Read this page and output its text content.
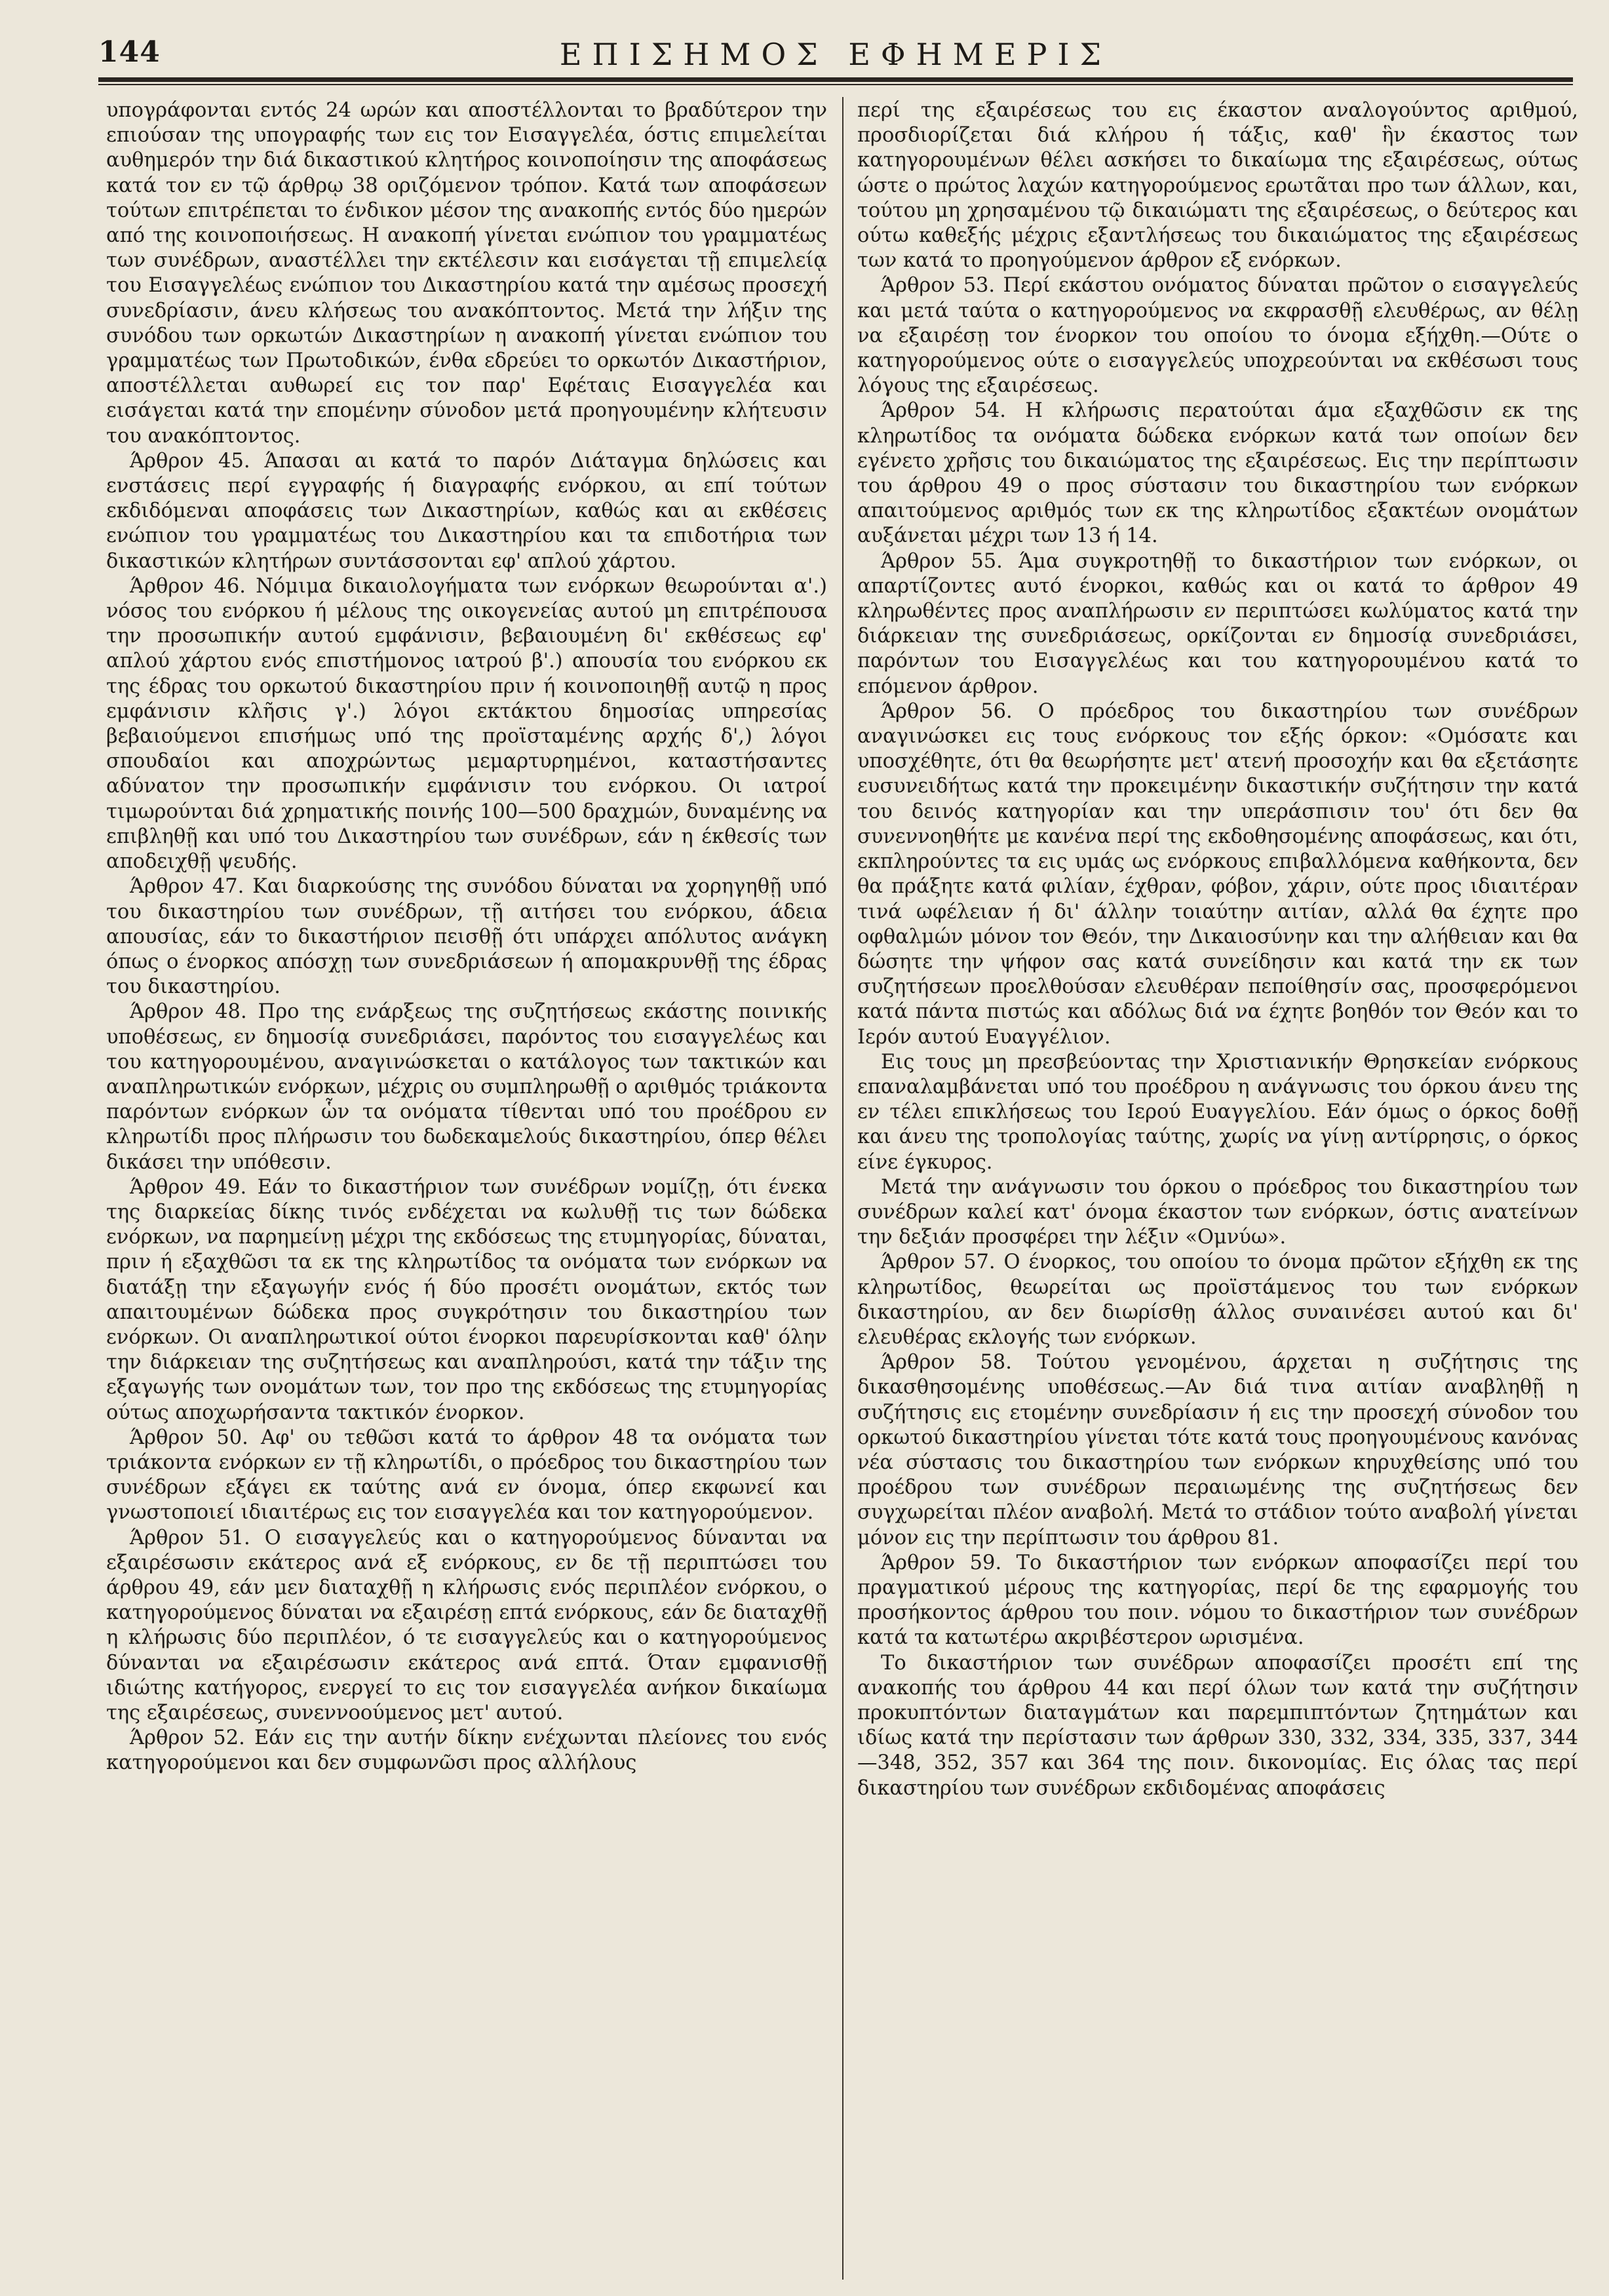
144	ΕΠΙΣΗΜΟΣ ΕΦΗΜΕΡΙΣ

υπογράφονται εντός 24 ωρών και αποστέλλονται το βραδύτερον την επιούσαν της υπογραφής των εις τον Εισαγγελέα, όστις επιμελείται αυθημερόν την διά δικαστικού κλητήρος κοινοποίησιν της αποφάσεως κατά τον εν τῷ άρθρῳ 38 οριζόμενον τρόπον. Κατά των αποφάσεων τούτων επιτρέπεται το ένδικον μέσον της ανακοπής εντός δύο ημερών από της κοινοποιήσεως. Η ανακοπή γίνεται ενώπιον του γραμματέως των συνέδρων, αναστέλλει την εκτέλεσιν και εισάγεται τῇ επιμελείᾳ του Εισαγγελέως ενώπιον του Δικαστηρίου κατά την αμέσως προσεχή συνεδρίασιν, άνευ κλήσεως του ανακόπτοντος. Μετά την λήξιν της συνόδου των ορκωτών Δικαστηρίων η ανακοπή γίνεται ενώπιον του γραμματέως των Πρωτοδικών, ένθα εδρεύει το ορκωτόν Δικαστήριον, αποστέλλεται αυθωρεί εις τον παρ' Εφέταις Εισαγγελέα και εισάγεται κατά την επομένην σύνοδον μετά προηγουμένην κλήτευσιν του ανακόπτοντος.

Άρθρον 45. Άπασαι αι κατά το παρόν Διάταγμα δηλώσεις και ενστάσεις περί εγγραφής ή διαγραφής ενόρκου, αι επί τούτων εκδιδόμεναι αποφάσεις των Δικαστηρίων, καθώς και αι εκθέσεις ενώπιον του γραμματέως του Δικαστηρίου και τα επιδοτήρια των δικαστικών κλητήρων συντάσσονται εφ' απλού χάρτου.

Άρθρον 46. Νόμιμα δικαιολογήματα των ενόρκων θεωρούνται α'.) νόσος του ενόρκου ή μέλους της οικογενείας αυτού μη επιτρέπουσα την προσωπικήν αυτού εμφάνισιν, βεβαιουμένη δι' εκθέσεως εφ' απλού χάρτου ενός επιστήμονος ιατρού β'.) απουσία του ενόρκου εκ της έδρας του ορκωτού δικαστηρίου πριν ή κοινοποιηθῇ αυτῷ η προς εμφάνισιν κλῆσις γ'.) λόγοι εκτάκτου δημοσίας υπηρεσίας βεβαιούμενοι επισήμως υπό της προϊσταμένης αρχής δ',) λόγοι σπουδαίοι και αποχρώντως μεμαρτυρημένοι, καταστήσαντες αδύνατον την προσωπικήν εμφάνισιν του ενόρκου. Οι ιατροί τιμωρούνται διά χρηματικής ποινής 100—500 δραχμών, δυναμένης να επιβληθῇ και υπό του Δικαστηρίου των συνέδρων, εάν η έκθεσίς των αποδειχθῇ ψευδής.

Άρθρον 47. Και διαρκούσης της συνόδου δύναται να χορηγηθῇ υπό του δικαστηρίου των συνέδρων, τῇ αιτήσει του ενόρκου, άδεια απουσίας, εάν το δικαστήριον πεισθῇ ότι υπάρχει απόλυτος ανάγκη όπως ο ένορκος απόσχῃ των συνεδριάσεων ή απομακρυνθῇ της έδρας του δικαστηρίου.

Άρθρον 48. Προ της ενάρξεως της συζητήσεως εκάστης ποινικής υποθέσεως, εν δημοσίᾳ συνεδριάσει, παρόντος του εισαγγελέως και του κατηγορουμένου, αναγινώσκεται ο κατάλογος των τακτικών και αναπληρωτικών ενόρκων, μέχρις ου συμπληρωθῇ ο αριθμός τριάκοντα παρόντων ενόρκων ὧν τα ονόματα τίθενται υπό του προέδρου εν κληρωτίδι προς πλήρωσιν του δωδεκαμελούς δικαστηρίου, όπερ θέλει δικάσει την υπόθεσιν.

Άρθρον 49. Εάν το δικαστήριον των συνέδρων νομίζῃ, ότι ένεκα της διαρκείας δίκης τινός ενδέχεται να κωλυθῇ τις των δώδεκα ενόρκων, να παρημείνῃ μέχρι της εκδόσεως της ετυμηγορίας, δύναται, πριν ή εξαχθῶσι τα εκ της κληρωτίδος τα ονόματα των ενόρκων να διατάξῃ την εξαγωγήν ενός ή δύο προσέτι ονομάτων, εκτός των απαιτουμένων δώδεκα προς συγκρότησιν του δικαστηρίου των ενόρκων. Οι αναπληρωτικοί ούτοι ένορκοι παρευρίσκονται καθ' όλην την διάρκειαν της συζητήσεως και αναπληρούσι, κατά την τάξιν της εξαγωγής των ονομάτων των, τον προ της εκδόσεως της ετυμηγορίας ούτως αποχωρήσαντα τακτικόν ένορκον.

Άρθρον 50. Αφ' ου τεθῶσι κατά το άρθρον 48 τα ονόματα των τριάκοντα ενόρκων εν τῇ κληρωτίδι, ο πρόεδρος του δικαστηρίου των συνέδρων εξάγει εκ ταύτης ανά εν όνομα, όπερ εκφωνεί και γνωστοποιεί ιδιαιτέρως εις τον εισαγγελέα και τον κατηγορούμενον.

Άρθρον 51. Ο εισαγγελεύς και ο κατηγορούμενος δύνανται να εξαιρέσωσιν εκάτερος ανά εξ ενόρκους, εν δε τῇ περιπτώσει του άρθρου 49, εάν μεν διαταχθῇ η κλήρωσις ενός περιπλέον ενόρκου, ο κατηγορούμενος δύναται να εξαιρέσῃ επτά ενόρκους, εάν δε διαταχθῇ η κλήρωσις δύο περιπλέον, ό τε εισαγγελεύς και ο κατηγορούμενος δύνανται να εξαιρέσωσιν εκάτερος ανά επτά. Όταν εμφανισθῇ ιδιώτης κατήγορος, ενεργεί το εις τον εισαγγελέα ανήκον δικαίωμα της εξαιρέσεως, συνεννοούμενος μετ' αυτού.

Άρθρον 52. Εάν εις την αυτήν δίκην ενέχωνται πλείονες του ενός κατηγορούμενοι και δεν συμφωνῶσι προς αλλήλους

περί της εξαιρέσεως του εις έκαστον αναλογούντος αριθμού, προσδιορίζεται διά κλήρου ή τάξις, καθ' ἣν έκαστος των κατηγορουμένων θέλει ασκήσει το δικαίωμα της εξαιρέσεως, ούτως ώστε ο πρώτος λαχών κατηγορούμενος ερωτᾶται προ των άλλων, και, τούτου μη χρησαμένου τῷ δικαιώματι της εξαιρέσεως, ο δεύτερος και ούτω καθεξής μέχρις εξαντλήσεως του δικαιώματος της εξαιρέσεως των κατά το προηγούμενον άρθρον εξ ενόρκων.

Άρθρον 53. Περί εκάστου ονόματος δύναται πρῶτον ο εισαγγελεύς και μετά ταύτα ο κατηγορούμενος να εκφρασθῇ ελευθέρως, αν θέλῃ να εξαιρέσῃ τον ένορκον του οποίου το όνομα εξήχθη.—Ούτε ο κατηγορούμενος ούτε ο εισαγγελεύς υποχρεούνται να εκθέσωσι τους λόγους της εξαιρέσεως.

Άρθρον 54. Η κλήρωσις περατούται άμα εξαχθῶσιν εκ της κληρωτίδος τα ονόματα δώδεκα ενόρκων κατά των οποίων δεν εγένετο χρῆσις του δικαιώματος της εξαιρέσεως. Εις την περίπτωσιν του άρθρου 49 ο προς σύστασιν του δικαστηρίου των ενόρκων απαιτούμενος αριθμός των εκ της κληρωτίδος εξακτέων ονομάτων αυξάνεται μέχρι των 13 ή 14.

Άρθρον 55. Άμα συγκροτηθῇ το δικαστήριον των ενόρκων, οι απαρτίζοντες αυτό ένορκοι, καθώς και οι κατά το άρθρον 49 κληρωθέντες προς αναπλήρωσιν εν περιπτώσει κωλύματος κατά την διάρκειαν της συνεδριάσεως, ορκίζονται εν δημοσίᾳ συνεδριάσει, παρόντων του Εισαγγελέως και του κατηγορουμένου κατά το επόμενον άρθρον.

Άρθρον 56. Ο πρόεδρος του δικαστηρίου των συνέδρων αναγινώσκει εις τους ενόρκους τον εξής όρκον: «Ομόσατε και υποσχέθητε, ότι θα θεωρήσητε μετ' ατενή προσοχήν και θα εξετάσητε ευσυνειδήτως κατά την προκειμένην δικαστικήν συζήτησιν την κατά του δεινός κατηγορίαν και την υπεράσπισιν του' ότι δεν θα συνεννοηθήτε με κανένα περί της εκδοθησομένης αποφάσεως, και ότι, εκπληρούντες τα εις υμάς ως ενόρκους επιβαλλόμενα καθήκοντα, δεν θα πράξητε κατά φιλίαν, έχθραν, φόβον, χάριν, ούτε προς ιδιαιτέραν τινά ωφέλειαν ή δι' άλλην τοιαύτην αιτίαν, αλλά θα έχητε προ οφθαλμών μόνον τον Θεόν, την Δικαιοσύνην και την αλήθειαν και θα δώσητε την ψήφον σας κατά συνείδησιν και κατά την εκ των συζητήσεων προελθούσαν ελευθέραν πεποίθησίν σας, προσφερόμενοι κατά πάντα πιστώς και αδόλως διά να έχητε βοηθόν τον Θεόν και το Ιερόν αυτού Ευαγγέλιον.

Εις τους μη πρεσβεύοντας την Χριστιανικήν Θρησκείαν ενόρκους επαναλαμβάνεται υπό του προέδρου η ανάγνωσις του όρκου άνευ της εν τέλει επικλήσεως του Ιερού Ευαγγελίου. Εάν όμως ο όρκος δοθῇ και άνευ της τροπολογίας ταύτης, χωρίς να γίνῃ αντίρρησις, ο όρκος είνε έγκυρος.

Μετά την ανάγνωσιν του όρκου ο πρόεδρος του δικαστηρίου των συνέδρων καλεί κατ' όνομα έκαστον των ενόρκων, όστις ανατείνων την δεξιάν προσφέρει την λέξιν «Ομνύω».

Άρθρον 57. Ο ένορκος, του οποίου το όνομα πρῶτον εξήχθη εκ της κληρωτίδος, θεωρείται ως προϊστάμενος του των ενόρκων δικαστηρίου, αν δεν διωρίσθῃ άλλος συναινέσει αυτού και δι' ελευθέρας εκλογής των ενόρκων.

Άρθρον 58. Τούτου γενομένου, άρχεται η συζήτησις της δικασθησομένης υποθέσεως.—Αν διά τινα αιτίαν αναβληθῇ η συζήτησις εις ετομένην συνεδρίασιν ή εις την προσεχή σύνοδον του ορκωτού δικαστηρίου γίνεται τότε κατά τους προηγουμένους κανόνας νέα σύστασις του δικαστηρίου των ενόρκων κηρυχθείσης υπό του προέδρου των συνέδρων περαιωμένης της συζητήσεως δεν συγχωρείται πλέον αναβολή. Μετά το στάδιον τούτο αναβολή γίνεται μόνον εις την περίπτωσιν του άρθρου 81.

Άρθρον 59. Το δικαστήριον των ενόρκων αποφασίζει περί του πραγματικού μέρους της κατηγορίας, περί δε της εφαρμογής του προσήκοντος άρθρου του ποιν. νόμου το δικαστήριον των συνέδρων κατά τα κατωτέρω ακριβέστερον ωρισμένα.

Το δικαστήριον των συνέδρων αποφασίζει προσέτι επί της ανακοπής του άρθρου 44 και περί όλων των κατά την συζήτησιν προκυπτόντων διαταγμάτων και παρεμπιπτόντων ζητημάτων και ιδίως κατά την περίστασιν των άρθρων 330, 332, 334, 335, 337, 344—348, 352, 357 και 364 της ποιν. δικονομίας. Εις όλας τας περί δικαστηρίου των συνέδρων εκδιδομένας αποφάσεις
